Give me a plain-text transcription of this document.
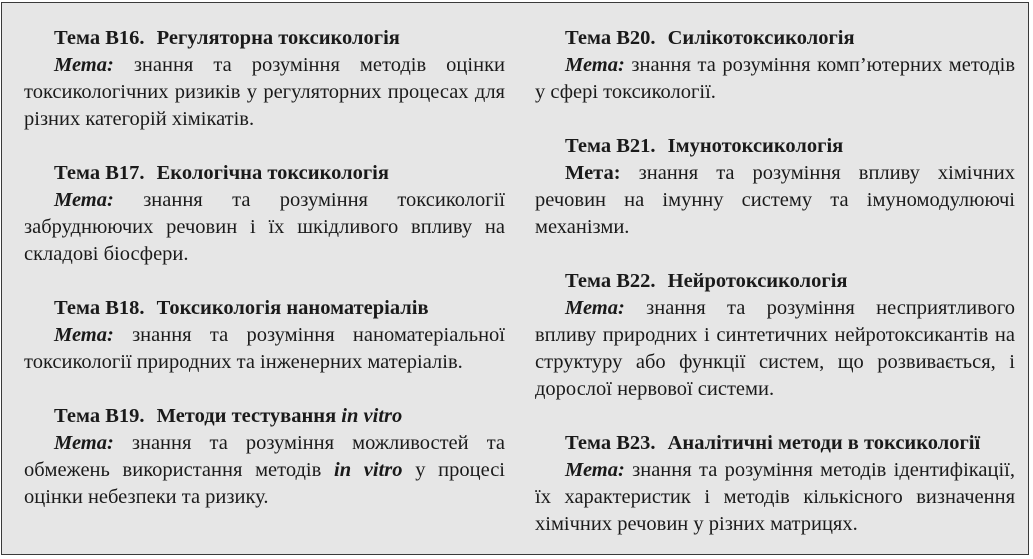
Тема B16. Регуляторна токсикологія
Мета: знання та розуміння методів оцінки токсикологічних ризиків у регуляторних процесах для різних категорій хімікатів.
Тема B17. Екологічна токсикологія
Мета: знання та розуміння токсикології забруднюючих речовин і їх шкідливого впливу на складові біосфери.
Тема B18. Токсикологія наноматеріалів
Мета: знання та розуміння наноматеріальної токсикології природних та інженерних матеріалів.
Тема B19. Методи тестування in vitro
Мета: знання та розуміння можливостей та обмежень використання методів in vitro у процесі оцінки небезпеки та ризику.
Тема B20. Силікотоксикологія
Мета: знання та розуміння комп’ютерних методів у сфері токсикології.
Тема B21. Імунотоксикологія
Мета: знання та розуміння впливу хімічних речовин на імунну систему та імуномодулюючі механізми.
Тема B22. Нейротоксикологія
Мета: знання та розуміння несприятливого впливу природних і синтетичних нейротоксикантів на структуру або функції систем, що розвивається, і дорослої нервової системи.
Тема B23. Аналітичні методи в токсикології
Мета: знання та розуміння методів ідентифікації, їх характеристик і методів кількісного визначення хімічних речовин у різних матрицях.
